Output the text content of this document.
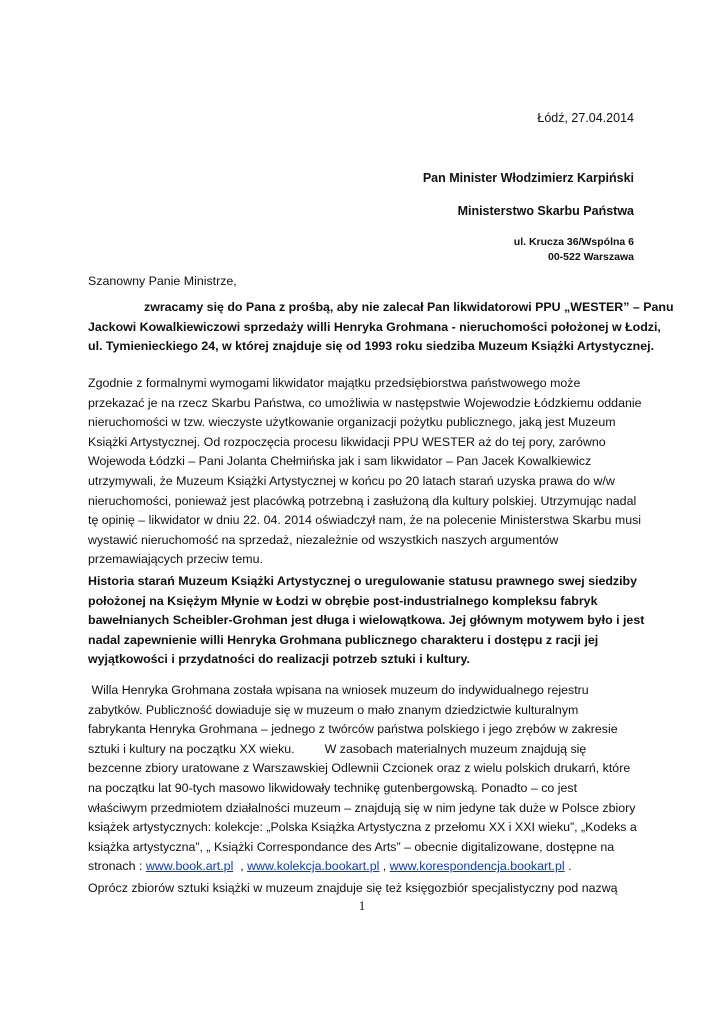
Łódź, 27.04.2014
Pan Minister Włodzimierz Karpiński
Ministerstwo Skarbu Państwa
ul. Krucza 36/Wspólna 6
00-522 Warszawa
Szanowny Panie Ministrze,
zwracamy się do Pana z prośbą, aby nie zalecał Pan likwidatorowi PPU „WESTER” – Panu
Jackowi Kowalkiewiczowi sprzedaży willi Henryka Grohmana - nieruchomości położonej w Łodzi,
ul. Tymienieckiego 24, w której znajduje się od 1993 roku siedziba Muzeum Książki Artystycznej.
Zgodnie z formalnymi wymogami likwidator majątku przedsiębiorstwa państwowego może
przekazać je na rzecz Skarbu Państwa, co umożliwia w następstwie Wojewodzie Łódzkiemu oddanie
nieruchomości w tzw. wieczyste użytkowanie organizacji pożytku publicznego, jaką jest Muzeum
Książki Artystycznej. Od rozpoczęcia procesu likwidacji PPU WESTER aż do tej pory, zarówno
Wojewoda Łódzki – Pani Jolanta Chełmińska jak i sam likwidator – Pan Jacek Kowalkiewicz
utrzymywali, że Muzeum Książki Artystycznej w końcu po 20 latach starań uzyska prawa do w/w
nieruchomości, ponieważ jest placówką potrzebną i zasłużoną dla kultury polskiej. Utrzymując nadal
tę opinię – likwidator w dniu 22. 04. 2014 oświadczył nam, że na polecenie Ministerstwa Skarbu musi
wystawić nieruchomość na sprzedaż, niezależnie od wszystkich naszych argumentów
przemawiających przeciw temu.
Historia starań Muzeum Książki Artystycznej o uregulowanie statusu prawnego swej siedziby
położonej na Księżym Młynie w Łodzi w obrębie post-industrialnego kompleksu fabryk
bawełnianych Scheibler-Grohman jest długa i wielowątkowa. Jej głównym motywem było i jest
nadal zapewnienie willi Henryka Grohmana publicznego charakteru i dostępu z racji jej
wyjątkowości i przydatności do realizacji potrzeb sztuki i kultury.
Willa Henryka Grohmana została wpisana na wniosek muzeum do indywidualnego rejestru
zabytków. Publiczność dowiaduje się w muzeum o mało znanym dziedzictwie kulturalnym
fabrykanta Henryka Grohmana – jednego z twórców państwa polskiego i jego zrębów w zakresie
sztuki i kultury na początku XX wieku. W zasobach materialnych muzeum znajdują się
bezcenne zbiory uratowane z Warszawskiej Odlewnii Czcionek oraz z wielu polskich drukarń, które
na początku lat 90-tych masowo likwidowały technikę gutenbergowską. Ponadto – co jest
właściwym przedmiotem działalności muzeum – znajdują się w nim jedyne tak duże w Polsce zbiory
książek artystycznych: kolekcje: „Polska Książka Artystyczna z przełomu XX i XXI wieku”, „Kodeks a
książka artystyczna”, „ Książki Correspondance des Arts” – obecnie digitalizowane, dostępne na
stronach : www.book.art.pl  , www.kolekcja.bookart.pl , www.korespondencja.bookart.pl .
Oprócz zbiorów sztuki książki w muzeum znajduje się też księgozbiór specjalistyczny pod nazwą
1
